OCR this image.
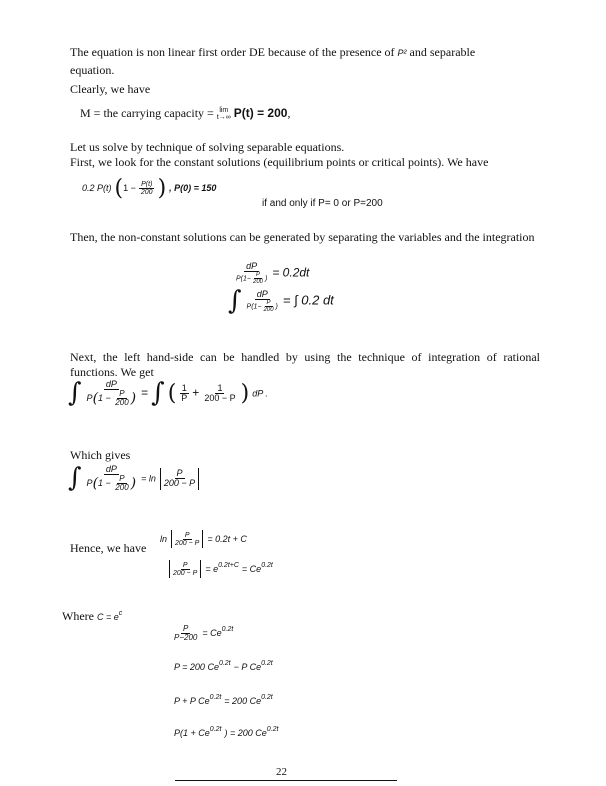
The equation is non linear first order DE because of the presence of P² and separable
equation.
Clearly, we have
M = the carrying capacity = lim
t→∞ P(t) = 200,
Let us solve by technique of solving separable equations.
First, we look for the constant solutions (equilibrium points or critical points). We have
0.2 P(t) ($1 - \frac{P(t)}{200}$ ) , P(0) = 150
if and only if P= 0 or P=200
Then, the non-constant solutions can be generated by separating the variables and the integration
$\frac{dP}{P(1- \frac{P}{200} )} = 0.2dt$
∫ $\frac{dP}{P(1- \frac{P}{200} )}$ = ∫ 0.2 dt
Next, the left hand-side can be handled by using the technique of integration of rational functions. We get
∫ $\frac{dP}{P(1 - \frac{P}{200} )}$ = ∫ ( $\frac{1}{P} + \frac{1}{200 - P}$ ) dP .
Which gives
∫ $\frac{dP}{P(1 - \frac{P}{200} )} = \ln \frac{P}{200 - P}$
Hence, we have
$\ln \frac{P}{200 - P} = 0.2t + C$
$\frac{P}{200 - P} = e^{0.2t+C} = Ce^{0.2t}$
Where $C = e^c$
$\frac{P}{P-200} = Ce^{0.2t}$
P = 200 $Ce^{0.2t} - P$ $Ce^{0.2t}$
P + P $Ce^{0.2t} = 200$ $Ce^{0.2t}$
$P(1 + Ce^{0.2t}$ ) = 200 $Ce^{0.2t}$
22
